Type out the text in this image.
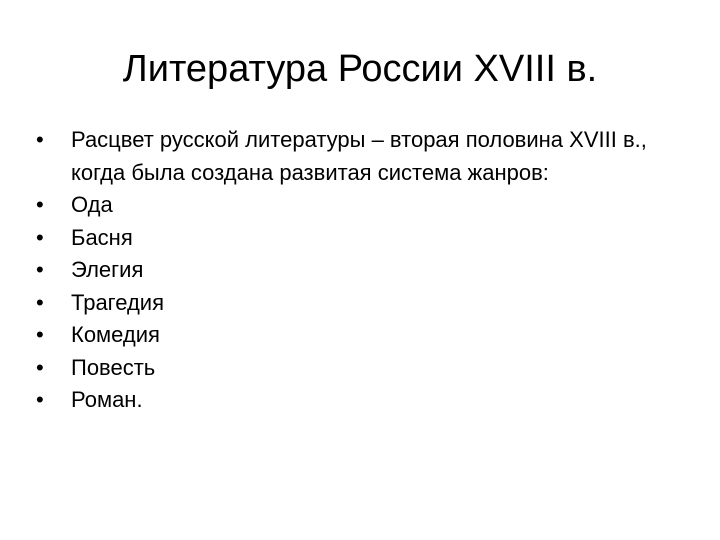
Литература России XVIII в.
•	Расцвет русской литературы – вторая половина XVIII в., когда была создана развитая система жанров:
•	Ода
•	Басня
•	Элегия
•	Трагедия
•	Комедия
•	Повесть
•	Роман.
